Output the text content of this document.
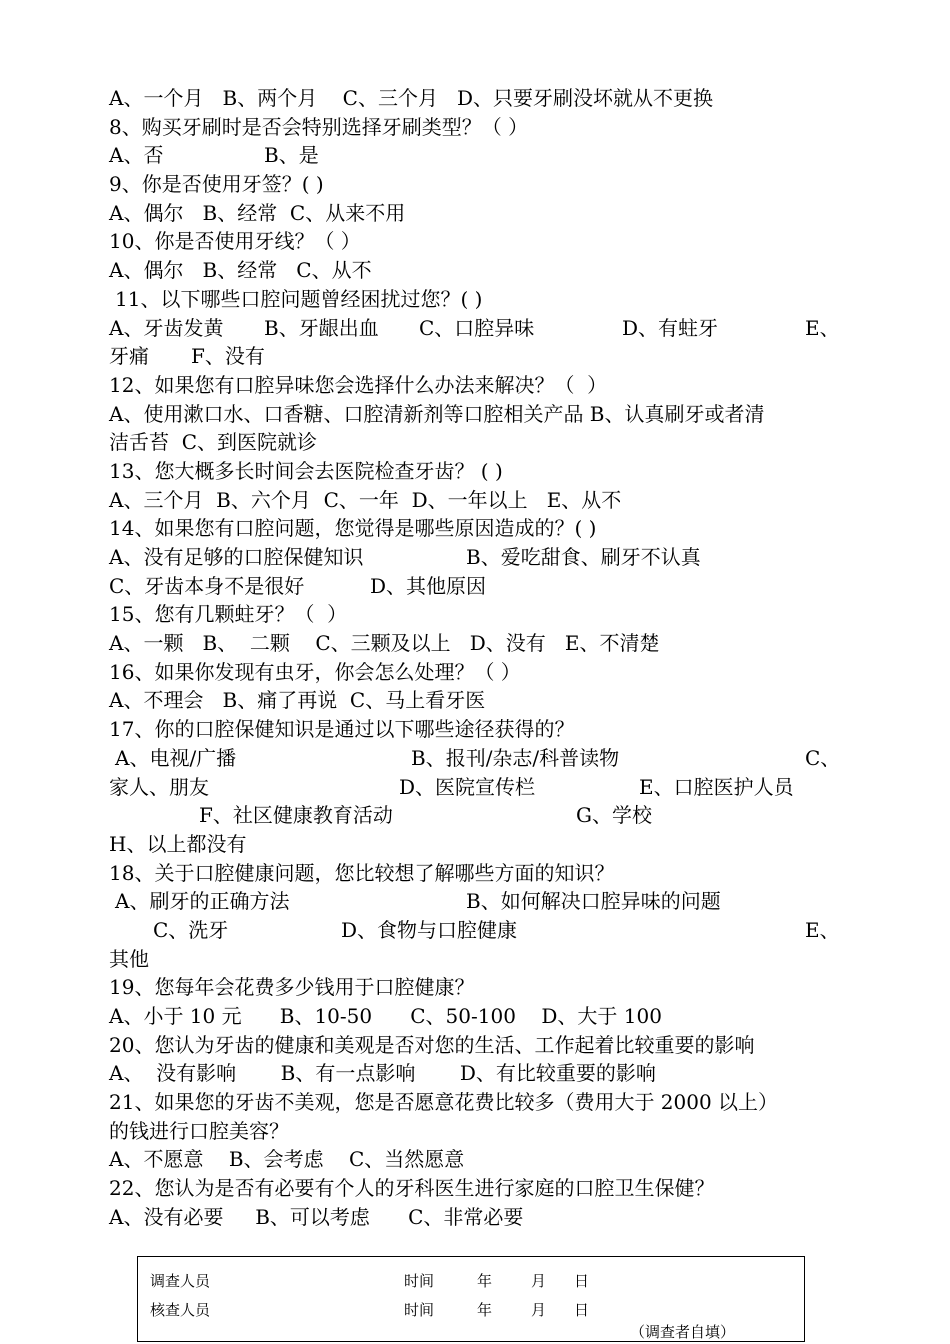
A、一个月   B、两个月    C、三个月   D、只要牙刷没坏就从不更换
8、购买牙刷时是否会特别选择牙刷类型？（ ）
A、否	B、是
9、你是否使用牙签？( )
A、偶尔   B、经常  C、从来不用
10、你是否使用牙线？（ ）
A、偶尔   B、经常   C、从不
11、以下哪些口腔问题曾经困扰过您？( )
A、牙齿发黄 B、牙龈出血 C、口腔异味	D、有蛀牙	E、
牙痛 F、没有
12、如果您有口腔异味您会选择什么办法来解决？（  ）
A、使用漱口水、口香糖、口腔清新剂等口腔相关产品 B、认真刷牙或者清
洁舌苔  C、到医院就诊
13、您大概多长时间会去医院检查牙齿？ ( )
A、三个月  B、六个月  C、一年  D、一年以上   E、从不
14、如果您有口腔问题，您觉得是哪些原因造成的？( )
A、没有足够的口腔保健知识	B、爱吃甜食、刷牙不认真
C、牙齿本身不是很好	D、其他原因
15、您有几颗蛀牙？（  ）
A、一颗   B、  二颗    C、三颗及以上   D、没有   E、不清楚
16、如果你发现有虫牙，你会怎么处理？（ ）
A、不理会   B、痛了再说  C、马上看牙医
17、你的口腔保健知识是通过以下哪些途径获得的？
A、电视/广播	B、报刊/杂志/科普读物	C、
家人、朋友	D、医院宣传栏	E、口腔医护人员
F、社区健康教育活动	G、学校
H、以上都没有
18、关于口腔健康问题，您比较想了解哪些方面的知识？
A、刷牙的正确方法	B、如何解决口腔异味的问题
C、洗牙	D、食物与口腔健康	E、
其他
19、您每年会花费多少钱用于口腔健康？
A、小于 10 元      B、10-50      C、50-100    D、大于 100
20、您认为牙齿的健康和美观是否对您的生活、工作起着比较重要的影响
A、  没有影响       B、有一点影响       D、有比较重要的影响
21、如果您的牙齿不美观，您是否愿意花费比较多（费用大于 2000 以上）
的钱进行口腔美容？
A、不愿意    B、会考虑    C、当然愿意
22、您认为是否有必要有个人的牙科医生进行家庭的口腔卫生保健？
A、没有必要     B、可以考虑      C、非常必要
调查人员	时间	年	月 日
核查人员	时间	年	月 日
（调查者自填）
